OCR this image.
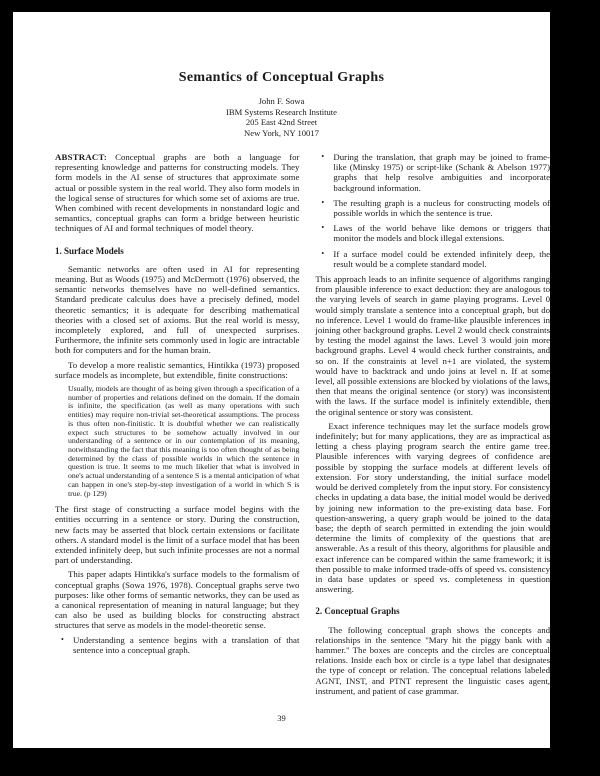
Semantics of Conceptual Graphs
John F. Sowa
IBM Systems Research Institute
205 East 42nd Street
New York, NY 10017

ABSTRACT: Conceptual graphs are both a language for representing knowledge and patterns for constructing models. They form models in the AI sense of structures that approximate some actual or possible system in the real world. They also form models in the logical sense of structures for which some set of axioms are true. When combined with recent developments in nonstandard logic and semantics, conceptual graphs can form a bridge between heuristic techniques of AI and formal techniques of model theory.

1. Surface Models

Semantic networks are often used in AI for representing meaning. But as Woods (1975) and McDermott (1976) observed, the semantic networks themselves have no well-defined semantics. Standard predicate calculus does have a precisely defined, model theoretic semantics; it is adequate for describing mathematical theories with a closed set of axioms. But the real world is messy, incompletely explored, and full of unexpected surprises. Furthermore, the infinite sets commonly used in logic are intractable both for computers and for the human brain.

To develop a more realistic semantics, Hintikka (1973) proposed surface models as incomplete, but extendible, finite constructions:

Usually, models are thought of as being given through a specification of a number of properties and relations defined on the domain. If the domain is infinite, the specification (as well as many operations with such entities) may require non-trivial set-theoretical assumptions. The process is thus often non-finitistic. It is doubtful whether we can realistically expect such structures to be somehow actually involved in our understanding of a sentence or in our contemplation of its meaning, notwithstanding the fact that this meaning is too often thought of as being determined by the class of possible worlds in which the sentence in question is true. It seems to me much likelier that what is involved in one's actual understanding of a sentence S is a mental anticipation of what can happen in one's step-by-step investigation of a world in which S is true. (p 129)

The first stage of constructing a surface model begins with the entities occurring in a sentence or story. During the construction, new facts may be asserted that block certain extensions or facilitate others. A standard model is the limit of a surface model that has been extended infinitely deep, but such infinite processes are not a normal part of understanding.

This paper adapts Hintikka's surface models to the formalism of conceptual graphs (Sowa 1976, 1978). Conceptual graphs serve two purposes: like other forms of semantic networks, they can be used as a canonical representation of meaning in natural language; but they can also be used as building blocks for constructing abstract structures that serve as models in the model-theoretic sense.

•	Understanding a sentence begins with a translation of that sentence into a conceptual graph.
•	During the translation, that graph may be joined to frame-like (Minsky 1975) or script-like (Schank & Abelson 1977) graphs that help resolve ambiguities and incorporate background information.
•	The resulting graph is a nucleus for constructing models of possible worlds in which the sentence is true.
•	Laws of the world behave like demons or triggers that monitor the models and block illegal extensions.
•	If a surface model could be extended infinitely deep, the result would be a complete standard model.

This approach leads to an infinite sequence of algorithms ranging from plausible inference to exact deduction: they are analogous to the varying levels of search in game playing programs. Level 0 would simply translate a sentence into a conceptual graph, but do no inference. Level 1 would do frame-like plausible inferences in joining other background graphs. Level 2 would check constraints by testing the model against the laws. Level 3 would join more background graphs. Level 4 would check further constraints, and so on. If the constraints at level n+1 are violated, the system would have to backtrack and undo joins at level n. If at some level, all possible extensions are blocked by violations of the laws, then that means the original sentence (or story) was inconsistent with the laws. If the surface model is infinitely extendible, then the original sentence or story was consistent.

Exact inference techniques may let the surface models grow indefinitely; but for many applications, they are as impractical as letting a chess playing program search the entire game tree. Plausible inferences with varying degrees of confidence are possible by stopping the surface models at different levels of extension. For story understanding, the initial surface model would be derived completely from the input story. For consistency checks in updating a data base, the initial model would be derived by joining new information to the pre-existing data base. For question-answering, a query graph would be joined to the data base; the depth of search permitted in extending the join would determine the limits of complexity of the questions that are answerable. As a result of this theory, algorithms for plausible and exact inference can be compared within the same framework; it is then possible to make informed trade-offs of speed vs. consistency in data base updates or speed vs. completeness in question answering.

2. Conceptual Graphs

The following conceptual graph shows the concepts and relationships in the sentence "Mary hit the piggy bank with a hammer." The boxes are concepts and the circles are conceptual relations. Inside each box or circle is a type label that designates the type of concept or relation. The conceptual relations labeled AGNT, INST, and PTNT represent the linguistic cases agent, instrument, and patient of case grammar.

39
